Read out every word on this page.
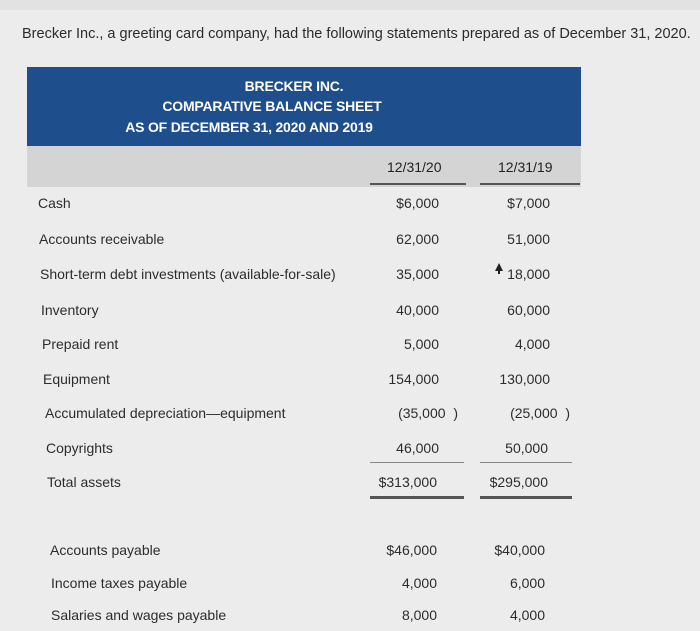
Brecker Inc., a greeting card company, had the following statements prepared as of December 31, 2020.
BRECKER INC.
COMPARATIVE BALANCE SHEET
AS OF DECEMBER 31, 2020 AND 2019
12/31/20	12/31/19
Cash
Accounts receivable
Short-term debt investments (available-for-sale)
Inventory
Prepaid rent
Equipment
Accumulated depreciation—equipment
Copyrights
Total assets
Accounts payable
Income taxes payable
Salaries and wages payable
$6,000
62,000
35,000
40,000
5,000
154,000
(35,000  )
46,000
$313,000
$46,000
4,000
8,000
$7,000
51,000
18,000
60,000
4,000
130,000
(25,000  )
50,000
$295,000
$40,000
6,000
4,000
